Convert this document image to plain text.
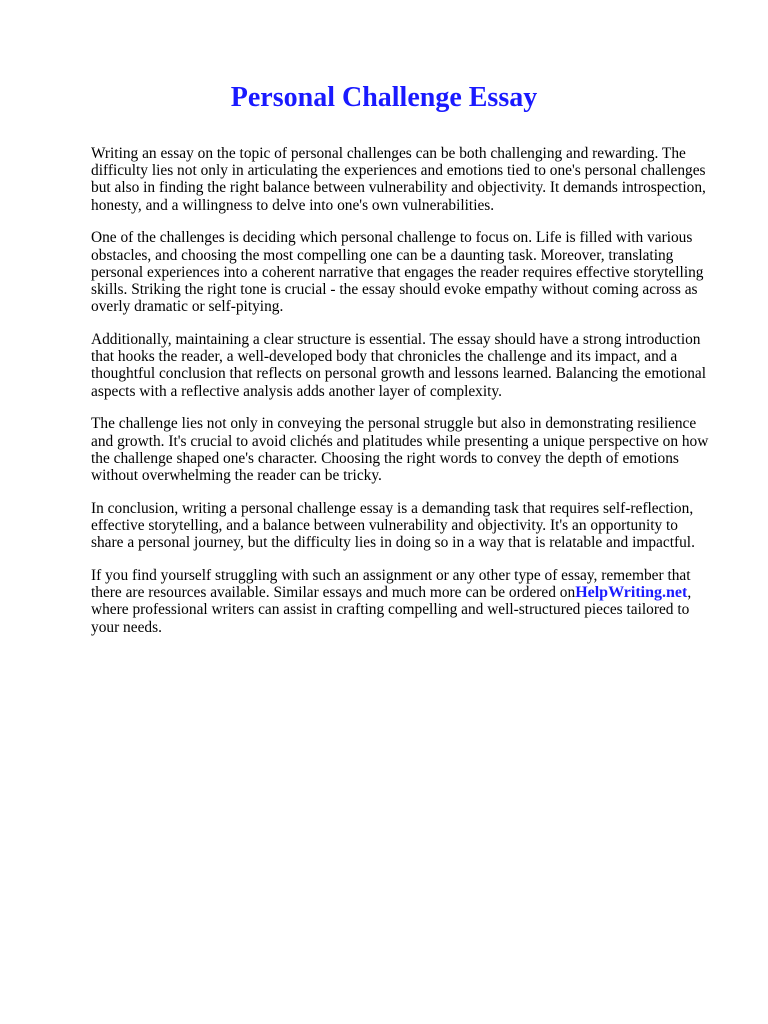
Personal Challenge Essay

Writing an essay on the topic of personal challenges can be both challenging and rewarding. The difficulty lies not only in articulating the experiences and emotions tied to one's personal challenges but also in finding the right balance between vulnerability and objectivity. It demands introspection, honesty, and a willingness to delve into one's own vulnerabilities.

One of the challenges is deciding which personal challenge to focus on. Life is filled with various obstacles, and choosing the most compelling one can be a daunting task. Moreover, translating personal experiences into a coherent narrative that engages the reader requires effective storytelling skills. Striking the right tone is crucial - the essay should evoke empathy without coming across as overly dramatic or self-pitying.

Additionally, maintaining a clear structure is essential. The essay should have a strong introduction that hooks the reader, a well-developed body that chronicles the challenge and its impact, and a thoughtful conclusion that reflects on personal growth and lessons learned. Balancing the emotional aspects with a reflective analysis adds another layer of complexity.

The challenge lies not only in conveying the personal struggle but also in demonstrating resilience and growth. It's crucial to avoid clichés and platitudes while presenting a unique perspective on how the challenge shaped one's character. Choosing the right words to convey the depth of emotions without overwhelming the reader can be tricky.

In conclusion, writing a personal challenge essay is a demanding task that requires self-reflection, effective storytelling, and a balance between vulnerability and objectivity. It's an opportunity to share a personal journey, but the difficulty lies in doing so in a way that is relatable and impactful.

If you find yourself struggling with such an assignment or any other type of essay, remember that there are resources available. Similar essays and much more can be ordered onHelpWriting.net, where professional writers can assist in crafting compelling and well-structured pieces tailored to your needs.
